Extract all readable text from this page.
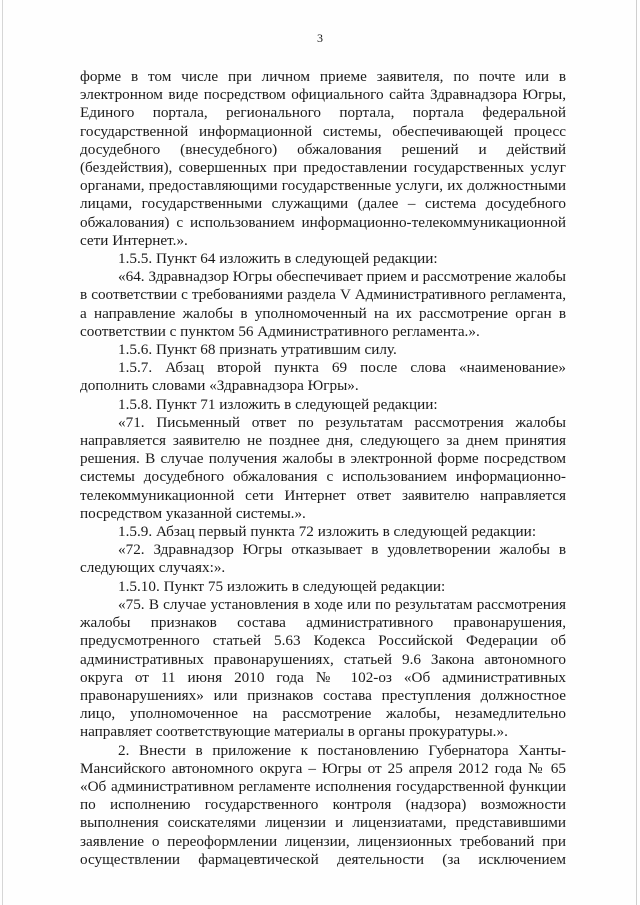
3

форме в том числе при личном приеме заявителя, по почте или в электронном виде посредством официального сайта Здравнадзора Югры, Единого портала, регионального портала, портала федеральной государственной информационной системы, обеспечивающей процесс досудебного (внесудебного) обжалования решений и действий (бездействия), совершенных при предоставлении государственных услуг органами, предоставляющими государственные услуги, их должностными лицами, государственными служащими (далее – система досудебного обжалования) с использованием информационно-телекоммуникационной сети Интернет.».

1.5.5. Пункт 64 изложить в следующей редакции:

«64. Здравнадзор Югры обеспечивает прием и рассмотрение жалобы в соответствии с требованиями раздела V Административного регламента, а направление жалобы в уполномоченный на их рассмотрение орган в соответствии с пунктом 56 Административного регламента.».

1.5.6. Пункт 68 признать утратившим силу.

1.5.7. Абзац второй пункта 69 после слова «наименование» дополнить словами «Здравнадзора Югры».

1.5.8. Пункт 71 изложить в следующей редакции:

«71. Письменный ответ по результатам рассмотрения жалобы направляется заявителю не позднее дня, следующего за днем принятия решения. В случае получения жалобы в электронной форме посредством системы досудебного обжалования с использованием информационно-телекоммуникационной сети Интернет ответ заявителю направляется посредством указанной системы.».

1.5.9. Абзац первый пункта 72 изложить в следующей редакции:

«72. Здравнадзор Югры отказывает в удовлетворении жалобы в следующих случаях:».

1.5.10. Пункт 75 изложить в следующей редакции:

«75. В случае установления в ходе или по результатам рассмотрения жалобы признаков состава административного правонарушения, предусмотренного статьей 5.63 Кодекса Российской Федерации об административных правонарушениях, статьей 9.6 Закона автономного округа от 11 июня 2010 года № 102-оз «Об административных правонарушениях» или признаков состава преступления должностное лицо, уполномоченное на рассмотрение жалобы, незамедлительно направляет соответствующие материалы в органы прокуратуры.».

2. Внести в приложение к постановлению Губернатора Ханты-Мансийского автономного округа – Югры от 25 апреля 2012 года № 65 «Об административном регламенте исполнения государственной функции по исполнению государственного контроля (надзора) возможности выполнения соискателями лицензии и лицензиатами, представившими заявление о переоформлении лицензии, лицензионных требований при осуществлении фармацевтической деятельности (за исключением
